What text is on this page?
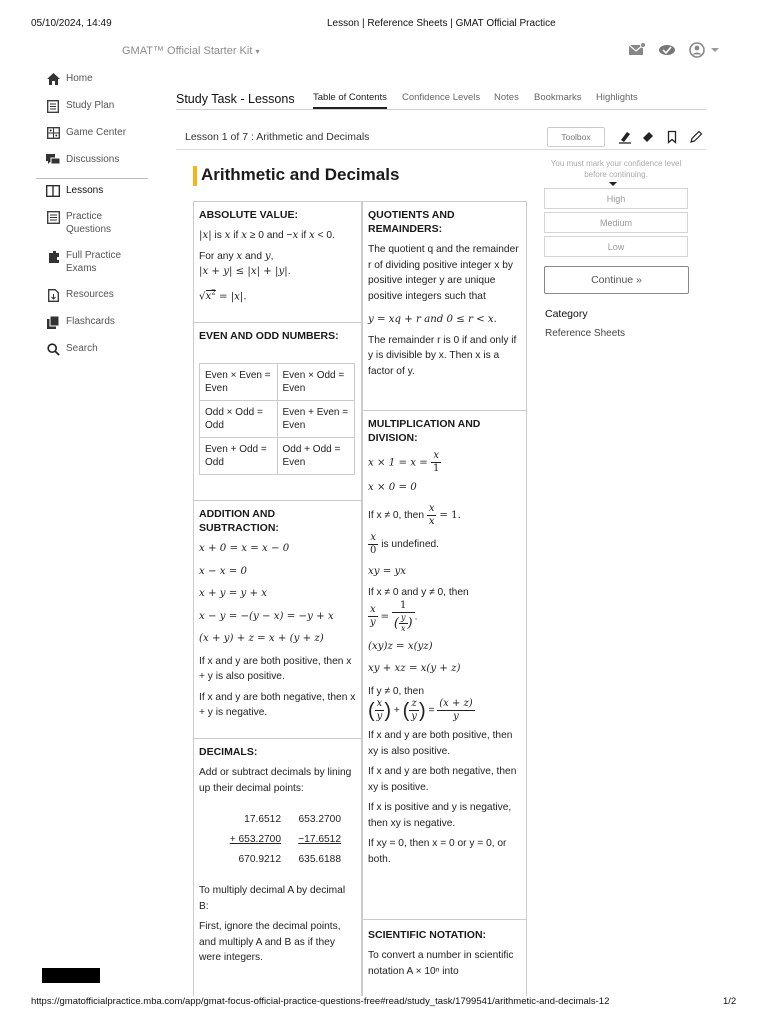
05/10/2024, 14:49	Lesson | Reference Sheets | GMAT Official Practice
GMAT™ Official Starter Kit ▾
Home
Study Plan
Game Center
Discussions
Lessons
Practice Questions
Full Practice Exams
Resources
Flashcards
Search
Study Task - Lessons Table of Contents Confidence Levels Notes Bookmarks Highlights
Lesson 1 of 7 : Arithmetic and Decimals	Toolbox
Arithmetic and Decimals
ABSOLUTE VALUE:

|x| is x if x ≥ 0 and −x if x < 0.

For any x and y,
|x + y| ≤ |x| + |y|.

$√x^2 = |x|$.

EVEN AND ODD NUMBERS:
Even × Even = Even	Even × Odd = Even
Odd × Odd = Odd	Even + Even = Even
Even + Odd = Odd	Odd + Odd = Even
ADDITION AND SUBTRACTION:

x + 0 = x = x − 0

x − x = 0

x + y = y + x

x − y = −(y − x) = −y + x

(x + y) + z = x + (y + z)

If x and y are both positive, then x + y is also positive.

If x and y are both negative, then x + y is negative.

DECIMALS:

Add or subtract decimals by lining up their decimal points:

17.6512	653.2700
+ 653.2700	−17.6512
670.9212	635.6188

To multiply decimal A by decimal B:

First, ignore the decimal points, and multiply A and B as if they were integers.

QUOTIENTS AND REMAINDERS:

The quotient q and the remainder r of dividing positive integer x by positive integer y are unique positive integers such that

y = xq + r and 0 ≤ r < x.

The remainder r is 0 if and only if y is divisible by x. Then x is a factor of y.

MULTIPLICATION AND DIVISION:

$x \times 1 = x = \frac{x}{1}$

x × 0 = 0

If x ≠ 0, then $\frac{x}{x} = 1$.

$\frac{x}{0}$ is undefined.

xy = yx

If x ≠ 0 and y ≠ 0, then

$\frac{x}{y} = \frac{1}{( \frac{y}{x} )}$ .

(xy)z = x(yz)

xy + xz = x(y + z)

If y ≠ 0, then

( $\frac{x}{y}$ ) + ( $\frac{z}{y}$ ) = $\frac{(x + z)}{y}$

If x and y are both positive, then xy is also positive.

If x and y are both negative, then xy is positive.

If x is positive and y is negative, then xy is negative.

If xy = 0, then x = 0 or y = 0, or both.

SCIENTIFIC NOTATION:

To convert a number in scientific notation A × 10ⁿ into

You must mark your confidence level before continuing.
High
Medium
Low
Continue »
Category
Reference Sheets
https://gmatofficialpractice.mba.com/app/gmat-focus-official-practice-questions-free#read/study_task/1799541/arithmetic-and-decimals-12	1/2
